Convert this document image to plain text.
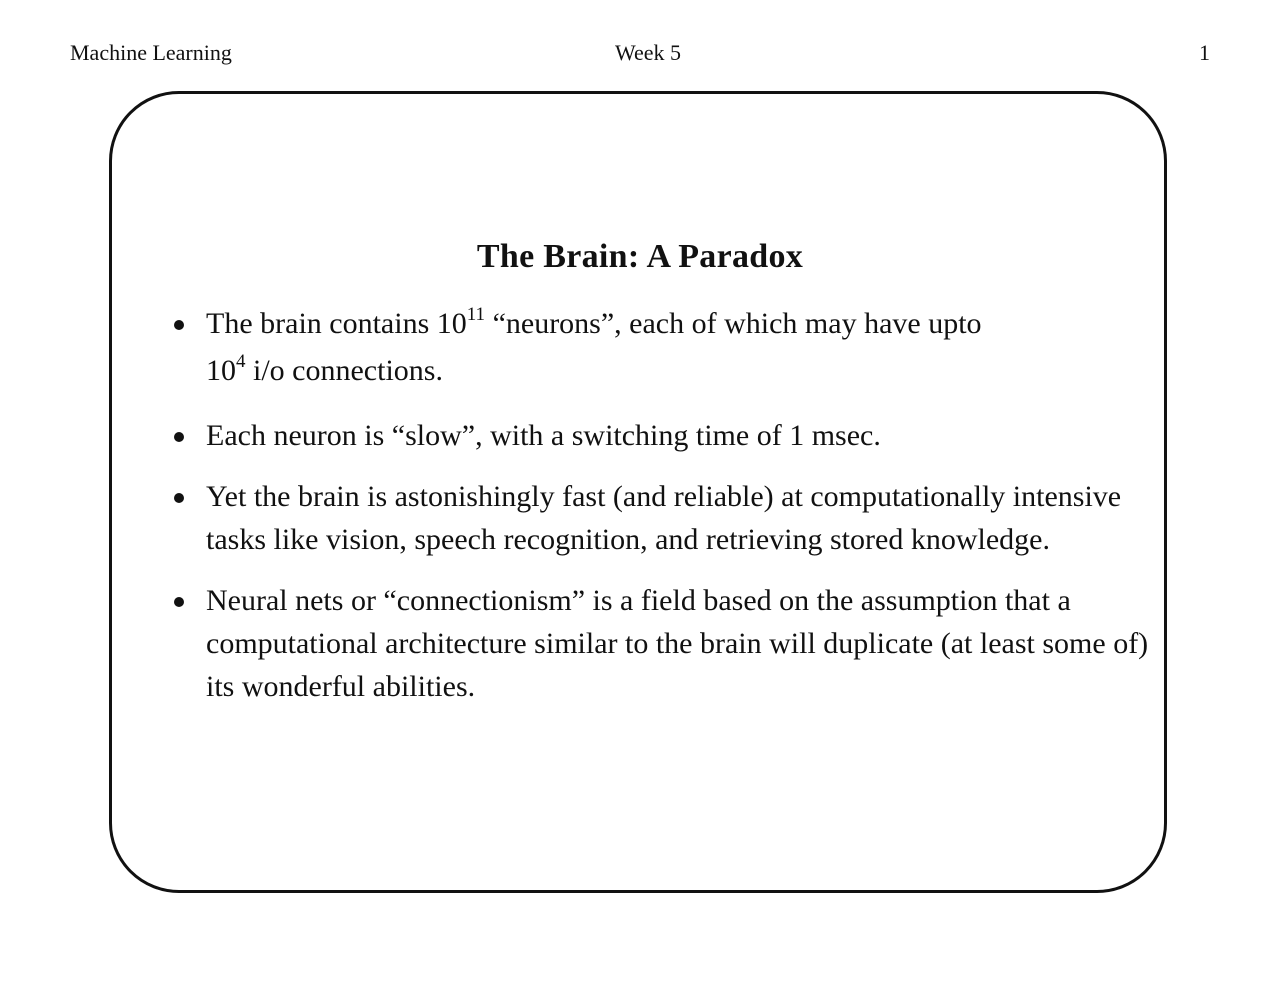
Machine Learning	Week 5	1
The Brain: A Paradox
The brain contains $10^{11}$ “neurons”, each of which may have upto
$10^4$ i/o connections.
Each neuron is “slow”, with a switching time of 1 msec.
Yet the brain is astonishingly fast (and reliable) at computationally intensive tasks like vision, speech recognition, and retrieving stored knowledge.
Neural nets or “connectionism” is a field based on the assumption that a computational architecture similar to the brain will duplicate (at least some of) its wonderful abilities.
